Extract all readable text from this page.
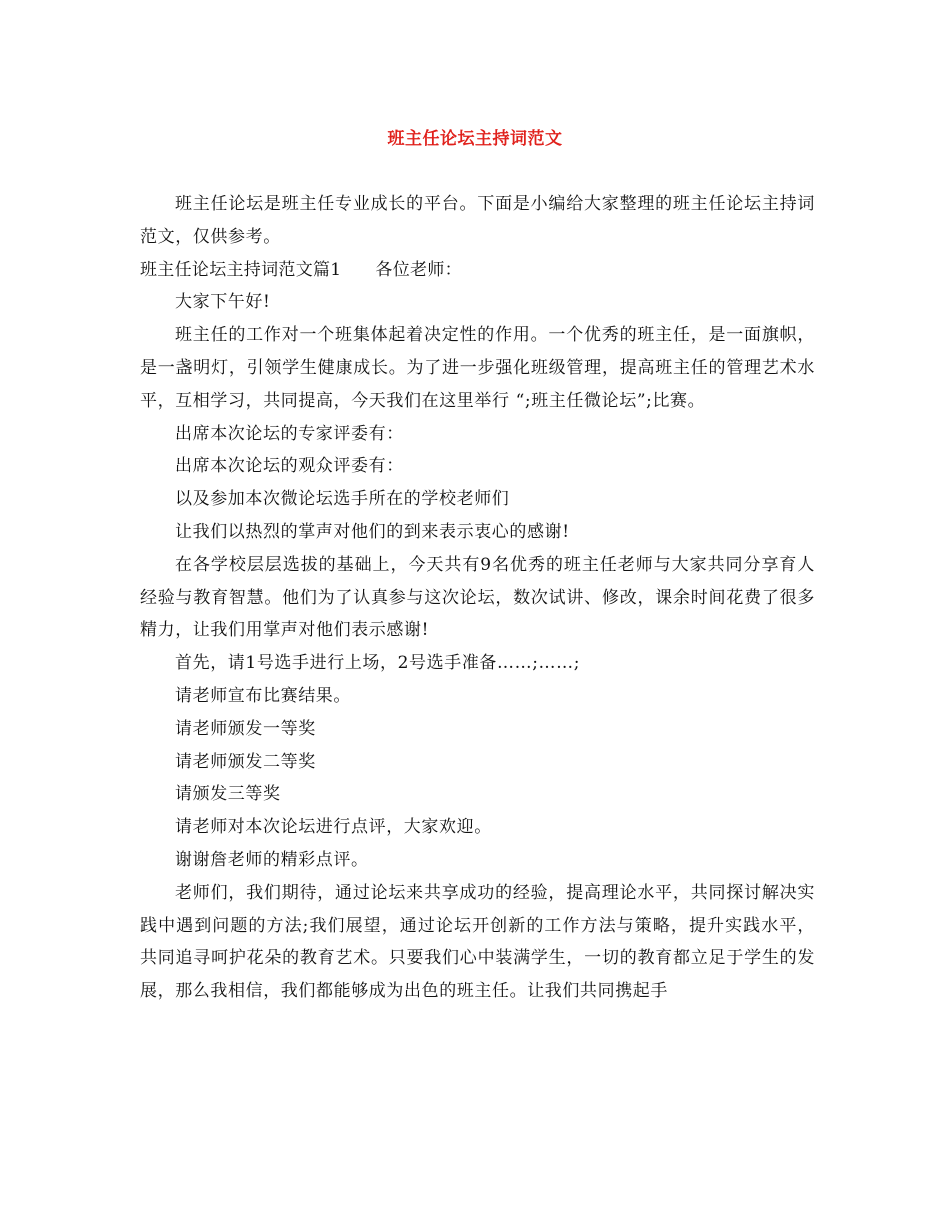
班主任论坛主持词范文

班主任论坛是班主任专业成长的平台。下面是小编给大家整理的班主任论坛主持词范文，仅供参考。

班主任论坛主持词范文篇1 各位老师：

大家下午好!

班主任的工作对一个班集体起着决定性的作用。一个优秀的班主任，是一面旗帜，是一盏明灯，引领学生健康成长。为了进一步强化班级管理，提高班主任的管理艺术水平，互相学习，共同提高，今天我们在这里举行 “;班主任微论坛”;比赛。

出席本次论坛的专家评委有：

出席本次论坛的观众评委有：

以及参加本次微论坛选手所在的学校老师们

让我们以热烈的掌声对他们的到来表示衷心的感谢!

在各学校层层选拔的基础上，今天共有9名优秀的班主任老师与大家共同分享育人经验与教育智慧。他们为了认真参与这次论坛，数次试讲、修改，课余时间花费了很多精力，让我们用掌声对他们表示感谢!

首先，请1号选手进行上场，2号选手准备……;……;

请老师宣布比赛结果。

请老师颁发一等奖

请老师颁发二等奖

请颁发三等奖

请老师对本次论坛进行点评，大家欢迎。

谢谢詹老师的精彩点评。

老师们，我们期待，通过论坛来共享成功的经验，提高理论水平，共同探讨解决实践中遇到问题的方法;我们展望，通过论坛开创新的工作方法与策略，提升实践水平，共同追寻呵护花朵的教育艺术。只要我们心中装满学生，一切的教育都立足于学生的发展，那么我相信，我们都能够成为出色的班主任。让我们共同携起手
